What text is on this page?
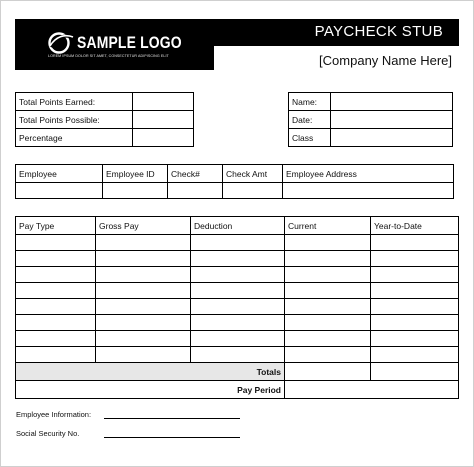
SAMPLE LOGO
LOREM IPSUM DOLOR SIT AMET, CONSECTETUR ADIPISCING ELIT
PAYCHECK STUB
[Company Name Here]
Total Points Earned:	
Total Points Possible:	
Percentage	
Name:	
Date:	
Class	
Employee	Employee ID	Check#	Check Amt	Employee Address

Pay Type	Gross Pay	Deduction	Current	Year-to-Date

Totals				
Pay Period				
Employee Information:
Social Security No.
